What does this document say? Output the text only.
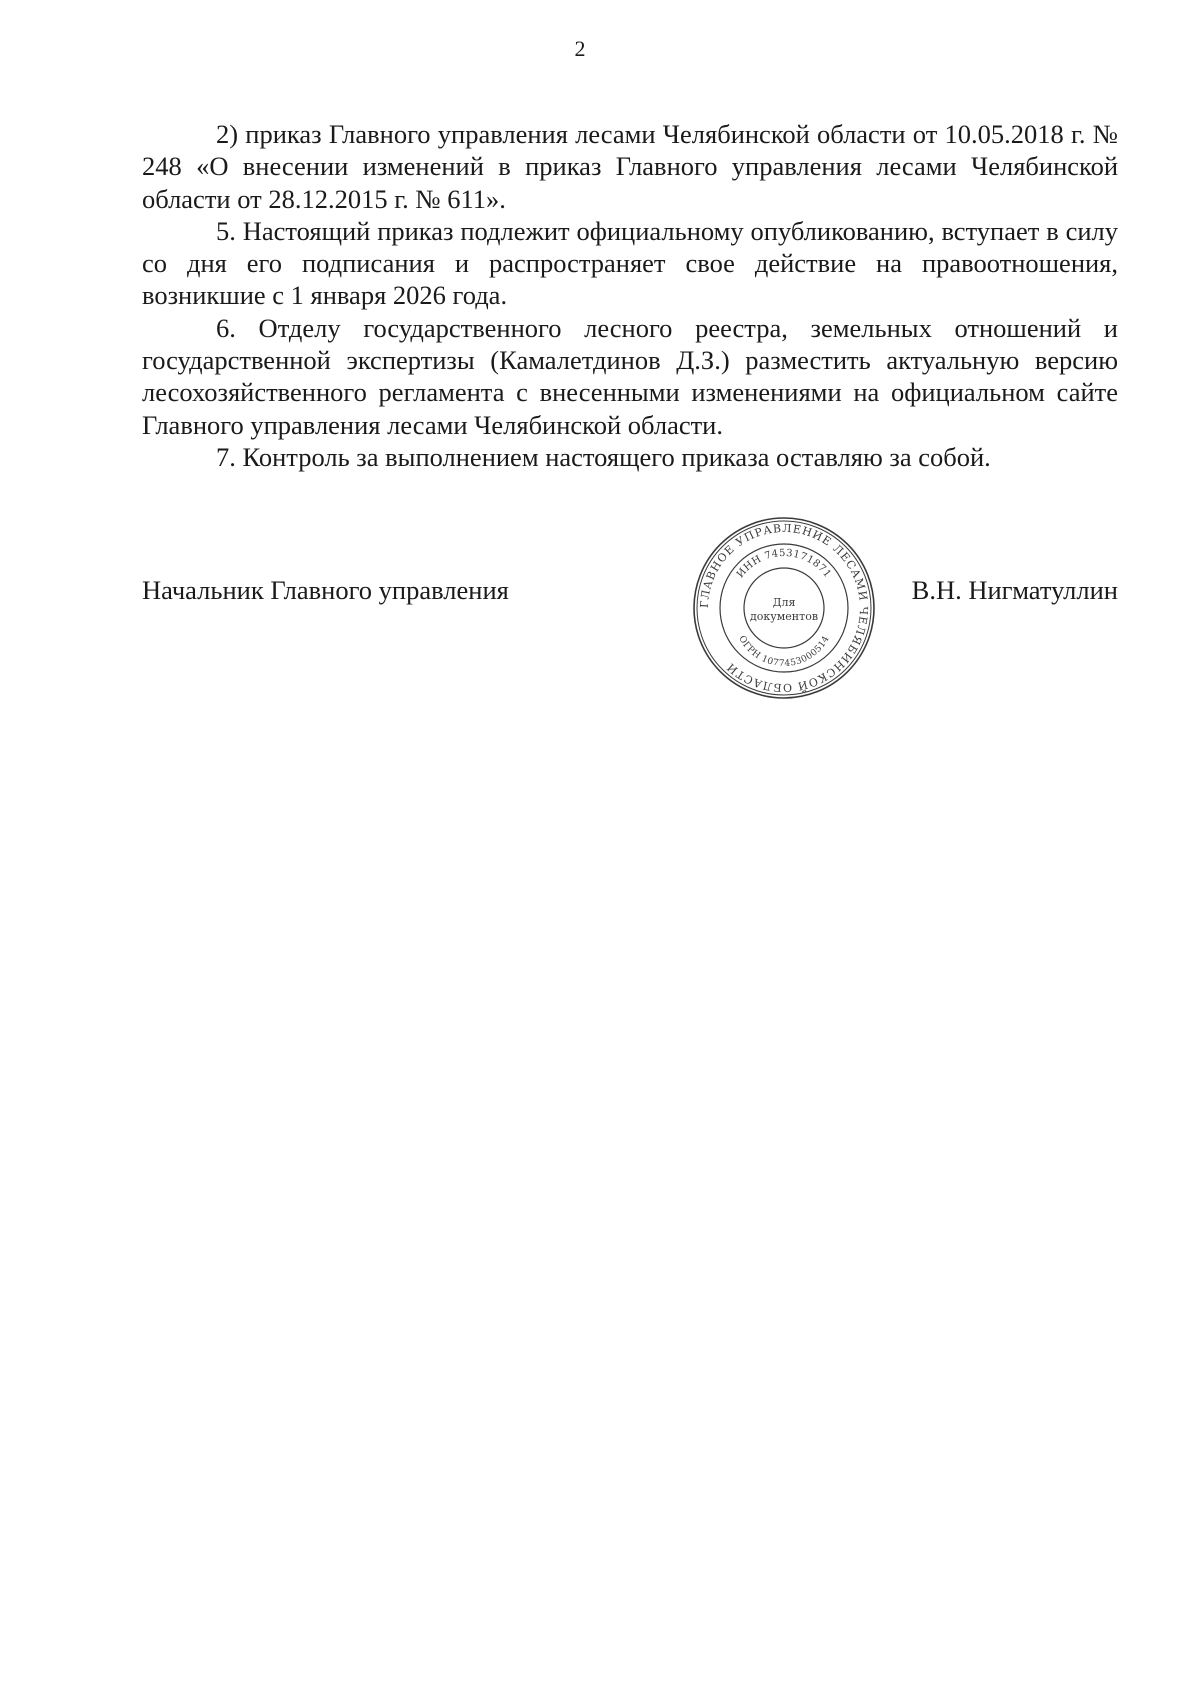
2

2) приказ Главного управления лесами Челябинской области от 10.05.2018 г. № 248 «О внесении изменений в приказ Главного управления лесами Челябинской области от 28.12.2015 г. № 611».

5. Настоящий приказ подлежит официальному опубликованию, вступает в силу со дня его подписания и распространяет свое действие на правоотношения, возникшие с 1 января 2026 года.

6. Отделу государственного лесного реестра, земельных отношений и государственной экспертизы (Камалетдинов Д.З.) разместить актуальную версию лесохозяйственного регламента с внесенными изменениями на официальном сайте Главного управления лесами Челябинской области.

7. Контроль за выполнением настоящего приказа оставляю за собой.

Начальник Главного управления	В.Н. Нигматуллин
ГЛАВНОЕ УПРАВЛЕНИЕ ЛЕСАМИ ЧЕЛЯБИНСКОЙ ОБЛАСТИ
ИНН 7453171871
ОГРН 1077453000514
Для
документов
